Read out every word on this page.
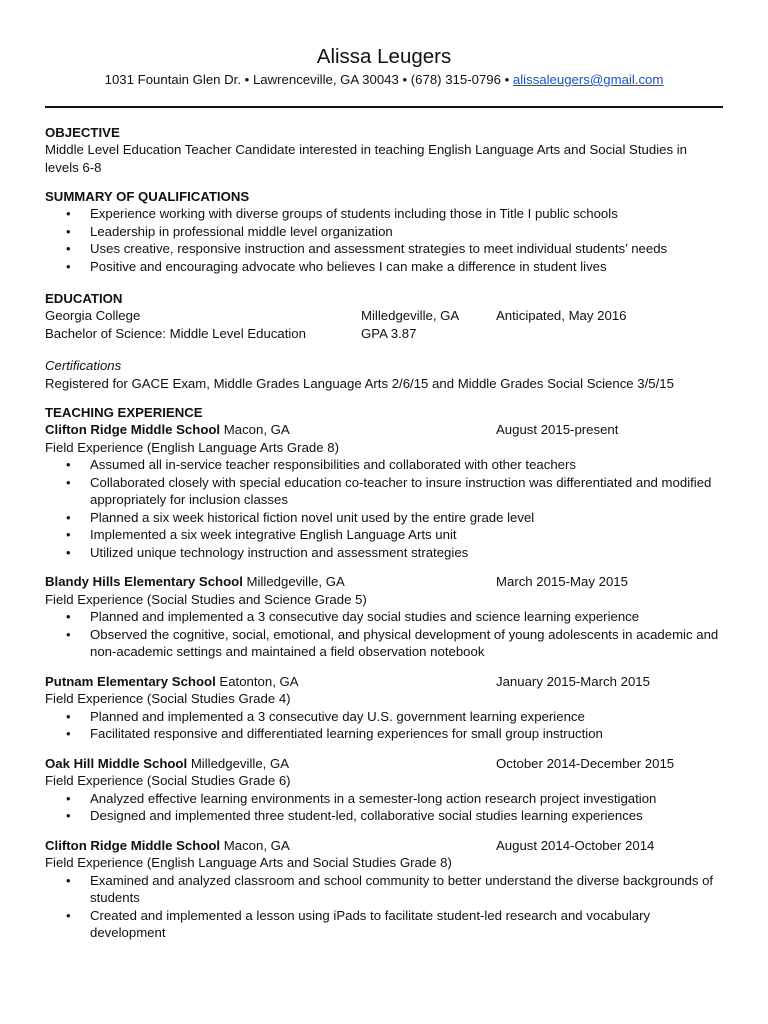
Alissa Leugers
1031 Fountain Glen Dr. • Lawrenceville, GA 30043 • (678) 315-0796 • alissaleugers@gmail.com
OBJECTIVE
Middle Level Education Teacher Candidate interested in teaching English Language Arts and Social Studies in
levels 6-8
SUMMARY OF QUALIFICATIONS
• Experience working with diverse groups of students including those in Title I public schools
• Leadership in professional middle level organization
• Uses creative, responsive instruction and assessment strategies to meet individual students’ needs
• Positive and encouraging advocate who believes I can make a difference in student lives
EDUCATION
Georgia College	Milledgeville, GA	Anticipated, May 2016
Bachelor of Science: Middle Level Education	GPA 3.87
Certifications
Registered for GACE Exam, Middle Grades Language Arts 2/6/15 and Middle Grades Social Science 3/5/15
TEACHING EXPERIENCE
Clifton Ridge Middle School Macon, GA	August 2015-present
Field Experience (English Language Arts Grade 8)
• Assumed all in-service teacher responsibilities and collaborated with other teachers
• Collaborated closely with special education co-teacher to insure instruction was differentiated and modified appropriately for inclusion classes
• Planned a six week historical fiction novel unit used by the entire grade level
• Implemented a six week integrative English Language Arts unit
• Utilized unique technology instruction and assessment strategies
Blandy Hills Elementary School Milledgeville, GA	March 2015-May 2015
Field Experience (Social Studies and Science Grade 5)
• Planned and implemented a 3 consecutive day social studies and science learning experience
• Observed the cognitive, social, emotional, and physical development of young adolescents in academic and non-academic settings and maintained a field observation notebook
Putnam Elementary School Eatonton, GA	January 2015-March 2015
Field Experience (Social Studies Grade 4)
• Planned and implemented a 3 consecutive day U.S. government learning experience
• Facilitated responsive and differentiated learning experiences for small group instruction
Oak Hill Middle School Milledgeville, GA	October 2014-December 2015
Field Experience (Social Studies Grade 6)
• Analyzed effective learning environments in a semester-long action research project investigation
• Designed and implemented three student-led, collaborative social studies learning experiences
Clifton Ridge Middle School Macon, GA	August 2014-October 2014
Field Experience (English Language Arts and Social Studies Grade 8)
• Examined and analyzed classroom and school community to better understand the diverse backgrounds of students
• Created and implemented a lesson using iPads to facilitate student-led research and vocabulary development
